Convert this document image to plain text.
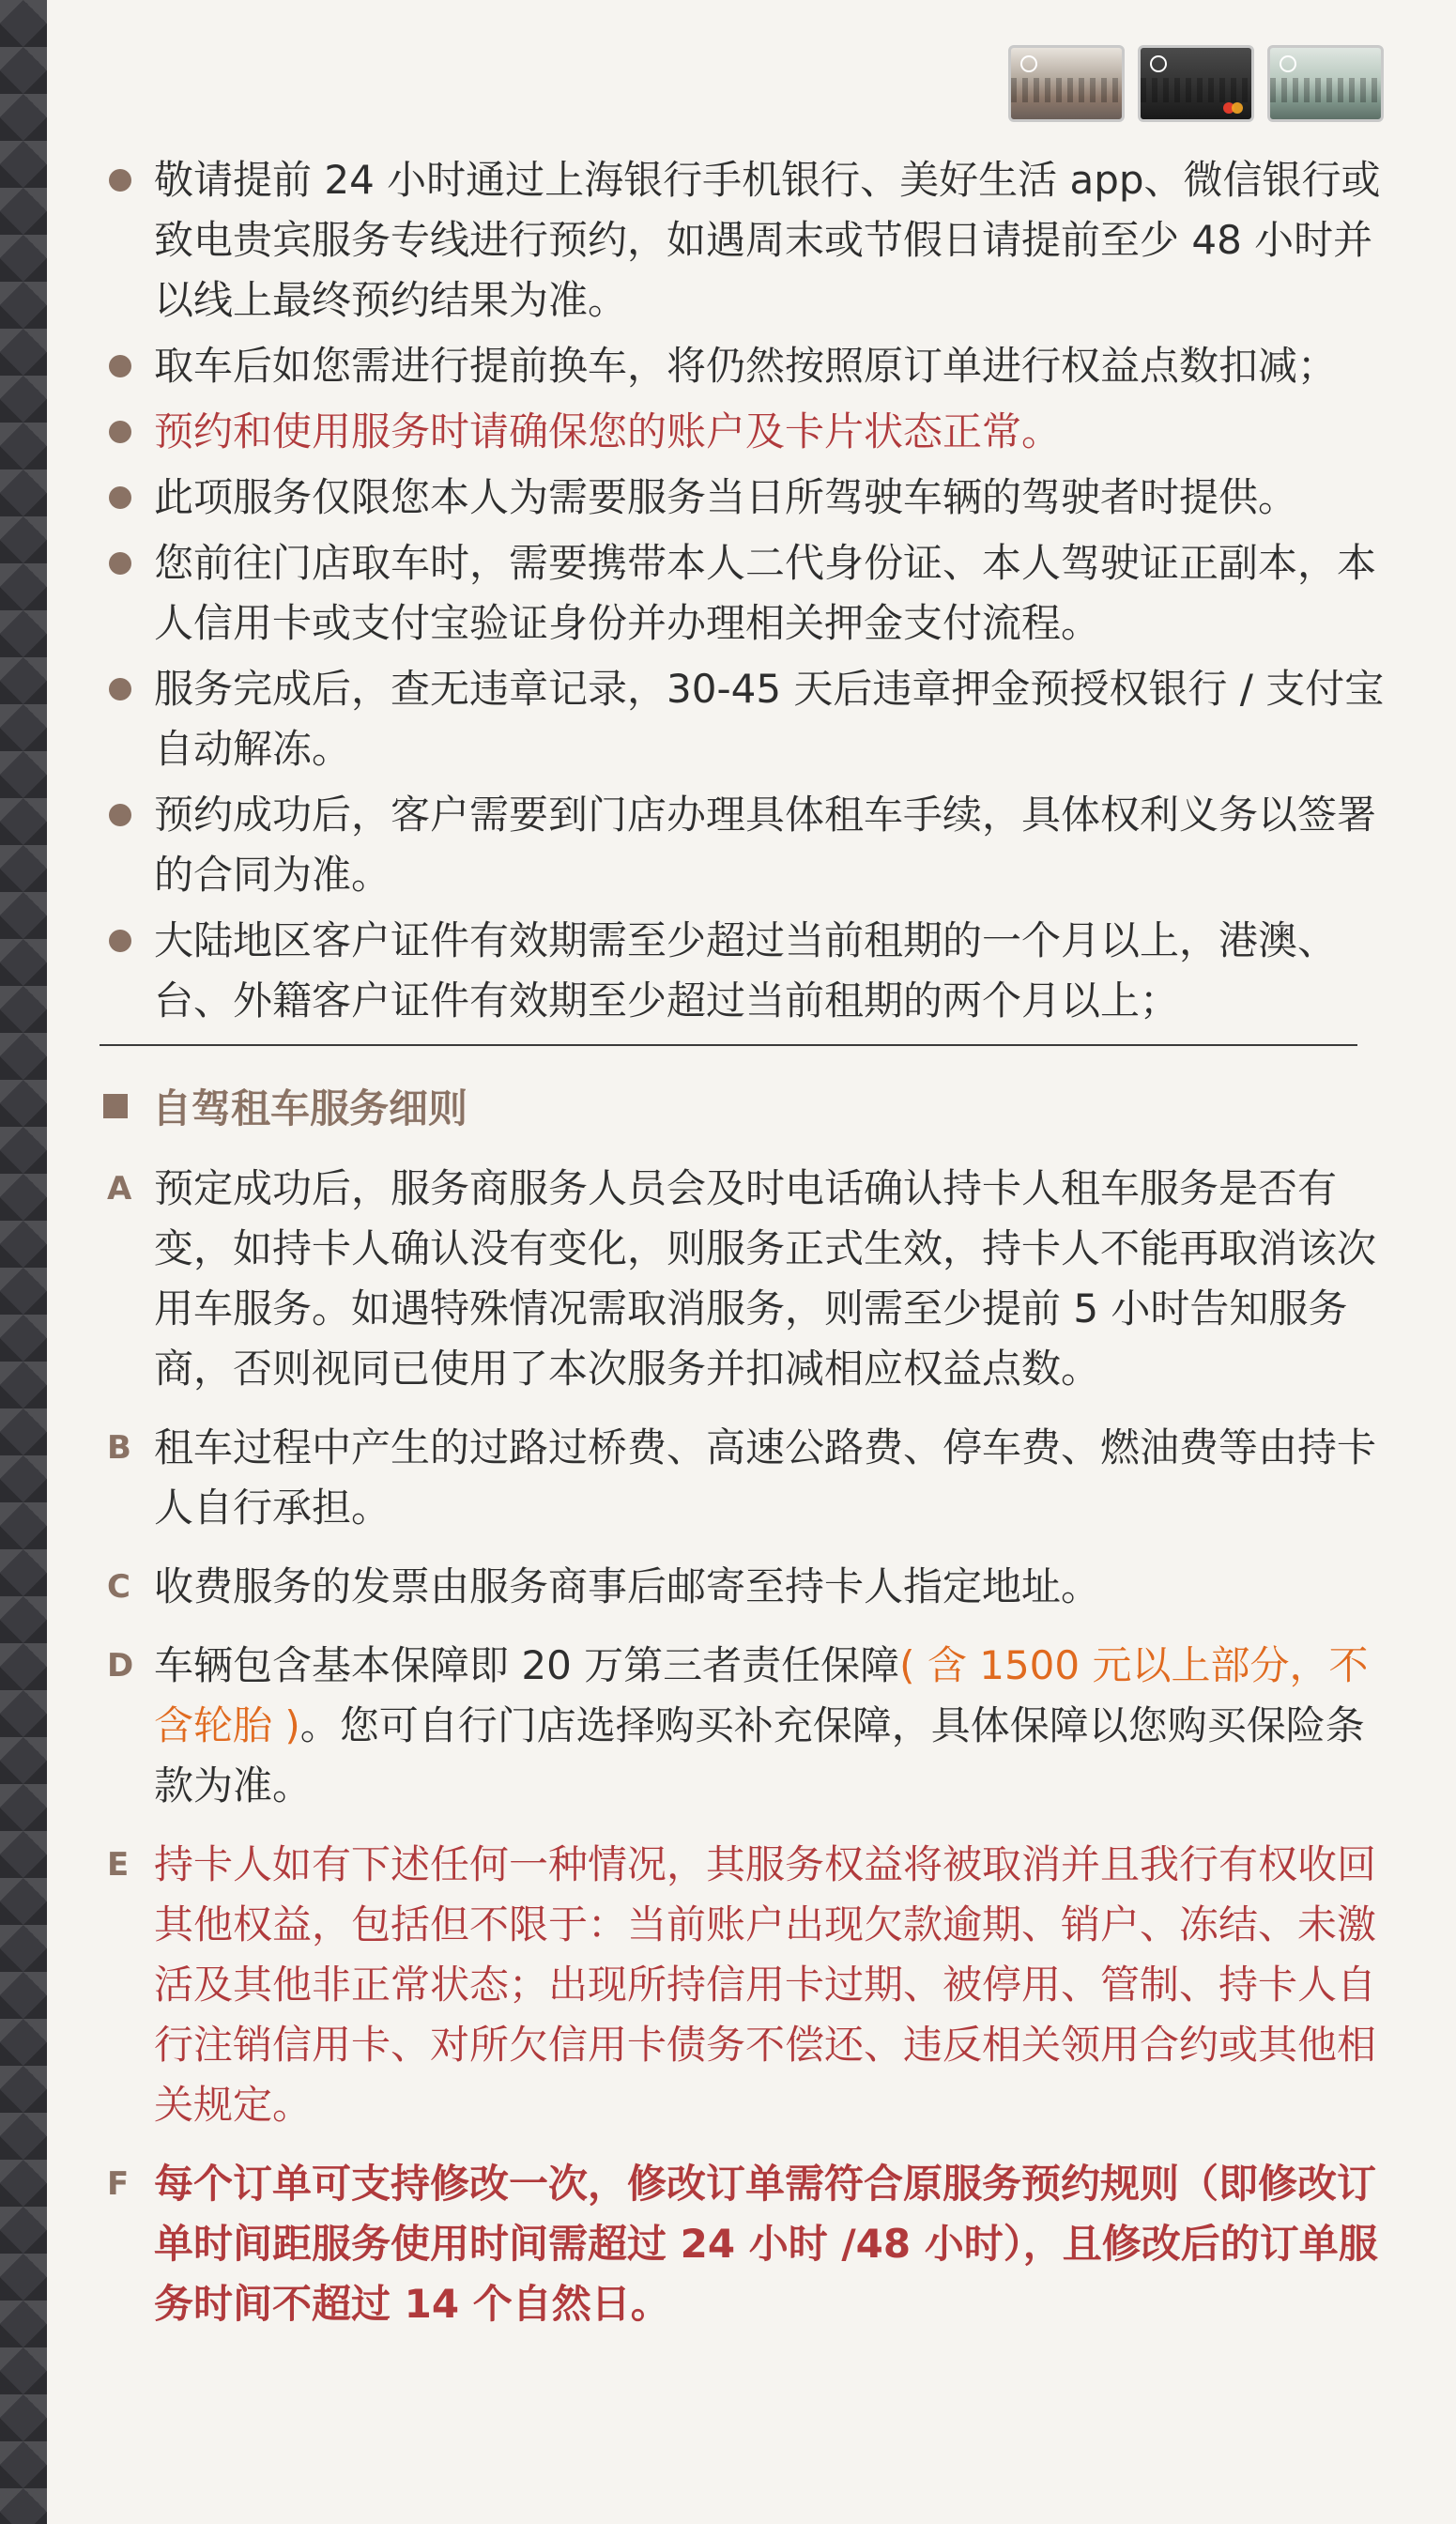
敬请提前 24 小时通过上海银行手机银行、美好生活 app、微信银行或致电贵宾服务专线进行预约，如遇周末或节假日请提前至少 48 小时并以线上最终预约结果为准。
取车后如您需进行提前换车，将仍然按照原订单进行权益点数扣减；
预约和使用服务时请确保您的账户及卡片状态正常。
此项服务仅限您本人为需要服务当日所驾驶车辆的驾驶者时提供。
您前往门店取车时，需要携带本人二代身份证、本人驾驶证正副本，本人信用卡或支付宝验证身份并办理相关押金支付流程。
服务完成后，查无违章记录，30-45 天后违章押金预授权银行 / 支付宝自动解冻。
预约成功后，客户需要到门店办理具体租车手续，具体权利义务以签署的合同为准。
大陆地区客户证件有效期需至少超过当前租期的一个月以上，港澳、台、外籍客户证件有效期至少超过当前租期的两个月以上；
自驾租车服务细则
A 预定成功后，服务商服务人员会及时电话确认持卡人租车服务是否有变，如持卡人确认没有变化，则服务正式生效，持卡人不能再取消该次用车服务。如遇特殊情况需取消服务，则需至少提前 5 小时告知服务商，否则视同已使用了本次服务并扣减相应权益点数。
B 租车过程中产生的过路过桥费、高速公路费、停车费、燃油费等由持卡人自行承担。
C 收费服务的发票由服务商事后邮寄至持卡人指定地址。
D 车辆包含基本保障即 20 万第三者责任保障( 含 1500 元以上部分，不含轮胎 )。您可自行门店选择购买补充保障，具体保障以您购买保险条款为准。
E 持卡人如有下述任何一种情况，其服务权益将被取消并且我行有权收回其他权益，包括但不限于：当前账户出现欠款逾期、销户、冻结、未激活及其他非正常状态；出现所持信用卡过期、被停用、管制、持卡人自行注销信用卡、对所欠信用卡债务不偿还、违反相关领用合约或其他相关规定。
F 每个订单可支持修改一次，修改订单需符合原服务预约规则（即修改订单时间距服务使用时间需超过 24 小时 /48 小时），且修改后的订单服务时间不超过 14 个自然日。
